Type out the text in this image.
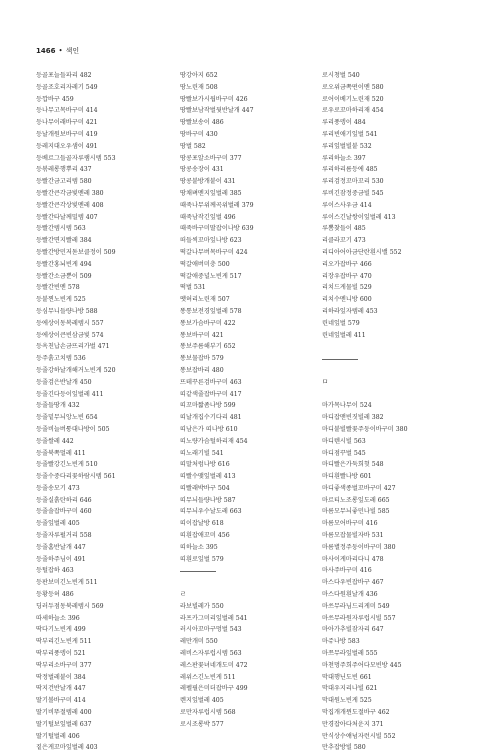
1466 • 색인
등골포늘들파리 482
등골조호리자레기 549
등깝바구 459
등나무고목바구미 414
등나무이래바구미 421
등날개원보바구미 419
등레지대오우샘이 491
등베르그들골자루램시템 553
등볶레롱행뿌리 437
등빨간금고리템 580
등빨간큰각금빛멘레 380
등빨간큰각상빛멘레 408
등빨간타날께밀템 407
등빨간템시템 563
등빨간면지빨레 384
등빨간방민저돋보클정이 509
등빨간홍뇌빈게 494
등빨간소금뿐이 509
등빨간빈멘 578
등붙찐노빈게 525
등심무니들량나방 588
등에상이동복레템시 557
등에상이큰빈삼금빛 574
등옥친납손금뜨리가벌 471
등주흙고치템 536
등줄강하날개해거노빈게 520
등줄검은반날개 450
등줄긴다등이잎벌레 411
등줄들땅개 432
등줄밑무늬앙노빈 654
등줄비늘버퉁대나방이 505
등줄쌀레 442
등줄북쪽멀레 411
등줄빨강긴노빈게 510
등줄수중다리꽃하람시템 561
등줄송모기 473
등줄실흙탄하리 646
등줄솔잡바구미 460
등줄잎벌레 405
등줄자루펄거리 558
등줄홈반날개 447
등줄하주님이 491
등털잡하 463
등판보미긴노빈게 511
등황등허 486
딩러두점동북레템시 569
따세하늘소 396
딱다기노빈게 499
딱부리긴노빈게 511
딱부리풍뎅이 521
딱부리소바구미 377
딱정벌레붙이 384
딱지건반날개 447
딸기볼바구미 414
딸기비뚜절템레 400
딸기털보잎벌레 637
딸기털벌레 406
짙은게꼬마잎벌레 403
땅강아지 652
땅노린재 508
땅빨보가시웝바구미 426
땅빨보남작벌뒷반날개 447
땅빨보송이 486
땅바구미 430
땅벌 582
땅콩포알소바구미 377
땅콩송장이 431
땅콩붙방개붙이 431
땅채벼멘지잎벌레 385
때죽나무위께곡위벌레 379
때죽남작긴잎벌 496
때죽바구미딸잡이나방 639
떠들씩꼬마잎나방 623
떡갈나무버목바구미 424
떡갈애버미충 500
떡갈애중널노빈게 517
떡벌 531
뗏허리노린재 507
똥통보전경잎벌레 578
똥보가슴바구미 422
똥보바구미 421
똥보주름해부기 652
똥보물잡바 579
똥보잡바리 480
뜨테꾸른검바구미 463
띠같색줄잡바구미 417
띠꼬마짧좀나방 599
띠날개집수기다리 481
띠남은가 띠나방 610
띠노량가슴털하리재 454
띠노래기빌 541
띠말처럼나방 616
띠빨수맺잎벌레 413
띠빨래박바구 504
띠무늬들량나방 587
띠무늬우수날도레 663
띠이잡날방 618
띠흰잡애꼬미 456
띠하늘소 395
띠흰로잎벌 579
ㄹ
라보빌레가 550
라프카그미리잎벌레 541
러시아꼬마구멍벌 543
레만개미 550
레비스자루럽시템 563
레스판꽃녀네개도미 472
레위스긴노빈게 511
레펠필은미더잡바구 499
렌지잎벌레 405
로만자루럽시템 568
로시조롱박 577
로시청벌 540
로오위금쪽떤이멘 580
로어이베기노린재 520
로우로꼬마하리재 454
루리풍뎅이 484
루리빈애기잎벌 541
루리잎벌빌붙 532
루리하늘소 397
루리하리름등에 485
루리검정꼬마꼬리 530
루비긴잠정중금빌 545
루이스사우금 414
루이스긴날쌍이잎벌레 413
루뽐찾들이 485
리클라꼬기 473
리디아어아금단란흰시밸 552
리오가잡바구 466
리장우잡바구 470
리치드게물빌 529
리치수멘니방 600
리하라잎자템레 453
린네잎벌 579
린네잎벌레 411
ㅁ
마가목나무이 524
마디잡맨빈짓빌레 382
마디붙빌빨꽃주둥이바구미 380
마디텐시빌 563
마디점꾸벌 545
마디빨은가둑희헛 548
마디흰빨나방 601
마디좋색종벌꼬바구미 427
마르티노조롱잎도레 665
마름모무늬좋민나빌 585
마름모어바구미 416
마름모잡물빌자바 531
마름별정주둥이바구미 380
마사이게마리다니 478
마사주바구미 416
마스다우빈잡바구 467
마스다원흰날개 436
마쓰무라님드리게미 549
마쓰무라원자루럽시빌 557
마아가추빌잠자리 647
마쥬나방 583
마쯔무라잎벌레 555
마천멍주희주어다모빈방 445
막대행닌도빈 661
막대우지리나빌 621
막대원노빈게 525
막집개개뮌도절바구 462
만경잡아다처운지 371
만식상수얘넘자런시빌 552
만추잡방빌 580
